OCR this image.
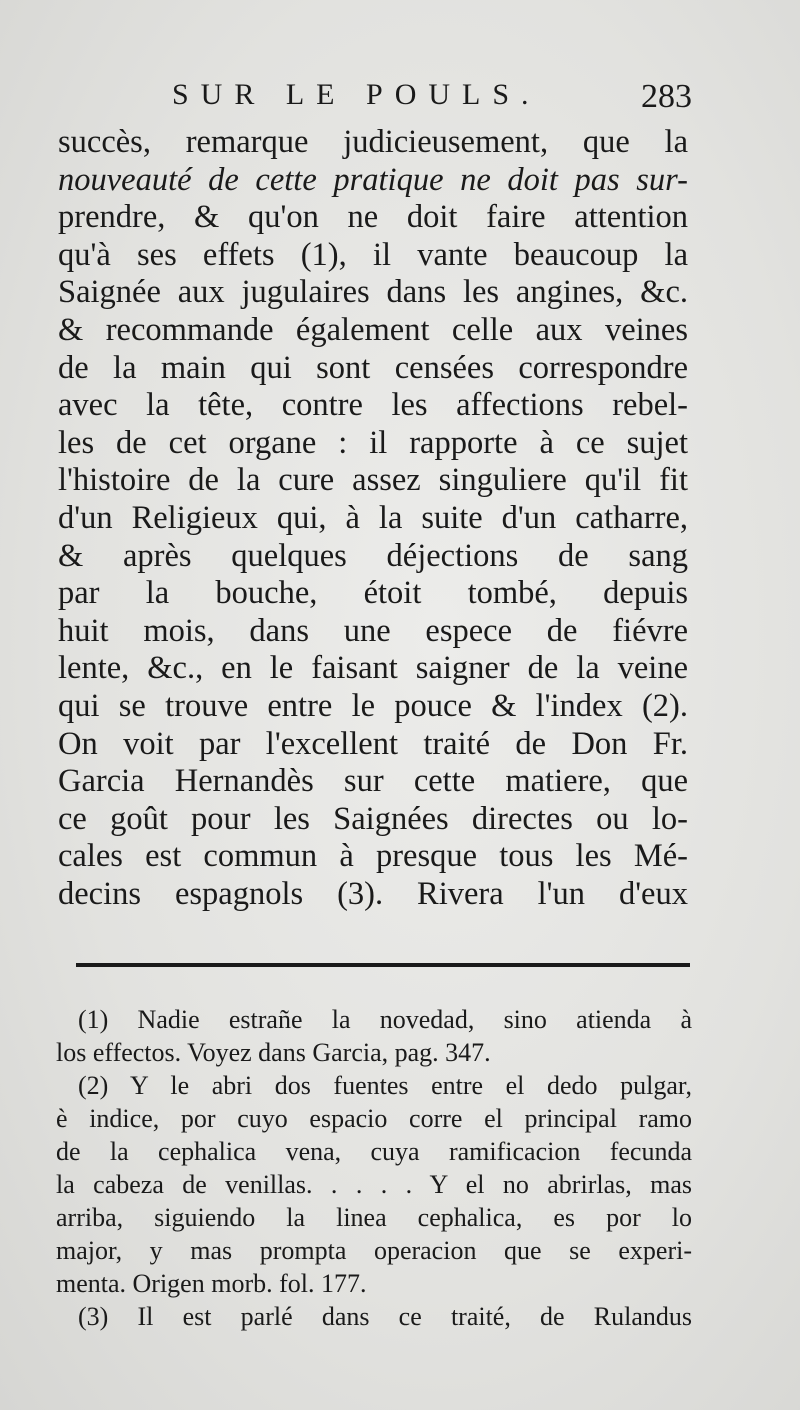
SUR LE POULS.	283
succès, remarque judicieusement, que la
nouveauté de cette pratique ne doit pas sur-
prendre, & qu'on ne doit faire attention
qu'à ses effets (1), il vante beaucoup la
Saignée aux jugulaires dans les angines, &c.
& recommande également celle aux veines
de la main qui sont censées correspondre
avec la tête, contre les affections rebel-
les de cet organe : il rapporte à ce sujet
l'histoire de la cure assez singuliere qu'il fit
d'un Religieux qui, à la suite d'un catharre,
& après quelques déjections de sang
par la bouche, étoit tombé, depuis
huit mois, dans une espece de fiévre
lente, &c., en le faisant saigner de la veine
qui se trouve entre le pouce & l'index (2).
On voit par l'excellent traité de Don Fr.
Garcia Hernandès sur cette matiere, que
ce goût pour les Saignées directes ou lo-
cales est commun à presque tous les Mé-
decins espagnols (3). Rivera l'un d'eux
(1) Nadie estrañe la novedad, sino atienda à
los effectos. Voyez dans Garcia, pag. 347.
(2) Y le abri dos fuentes entre el dedo pulgar,
è indice, por cuyo espacio corre el principal ramo
de la cephalica vena, cuya ramificacion fecunda
la cabeza de venillas. . . . . Y el no abrirlas, mas
arriba, siguiendo la linea cephalica, es por lo
major, y mas prompta operacion que se experi-
menta. Origen morb. fol. 177.
(3) Il est parlé dans ce traité, de Rulandus
